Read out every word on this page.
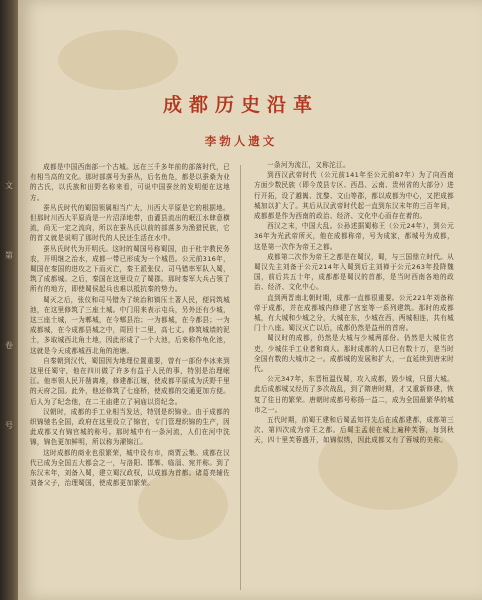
文
第
卷
号
成都历史沿革
李勃人遗文

成都是中国西南部一个古城。远在三千多年前的部落时代，已有相当高的文化。那时部落号为蚕丛，后名鱼凫，都是以蚕桑为业的古氏，以氏族和田野名称来看，可说中国蚕丝的发明便在这地方。

蚕丛氏时代的蜀国领属相当广大，川西大平原是它的根据地。但那时川西大平原尚是一片沼泽地带，由灌县流出的岷江水肆意横流，尚无一定之流向，所以在蚕丛氏以前的部落多为渔猎民族，它的首又就是说明了那时代的人民还生活在水中。

蚕丛氏时代为开明氏。这时的蜀国号称蜀国，由于杜宇教民务农，开明继之治水，成都一带已形成为一个城邑。公元前316年，蜀国在秦国的进攻之下而灭亡，秦王派张仪、司马错率军队入蜀，筑了成都城。之后，秦国在这里设立了蜀郡。那时秦军大兵占领了所有的地方，即使蜀侯起兵也难以抵抗秦的势力。

蜀灭之后，张仪和司马错为了统治和镇压土著人民，便同筑城池，在这里修筑了三座土城。中门用来表示屯兵，另外还有少城，这三座土城，一为郫城，在今郫县治；一为都城，在今都县；一为成都城，在今成都县城之中，周回十二里，高七丈。修筑城墙的泥土，多取城西北角土地，因此形成了一个大池，后来称作龟化池，这就是今天成都城西北角的池塘。

自秦朝到汉代，蜀国因为地理位置重要，曾有一部份李冰来到这里任蜀守，他在四川做了许多有益于人民的事，特别是治理岷江。他率领人民开凿离堆，修建都江堰，使成都平原成为沃野千里的天府之国。此外，他还修筑了七座桥，使成都的交通更加方便。后人为了纪念他，在二王庙建立了祠庙以资纪念。

汉朝时，成都的手工业相当发达，特别是织锦业。由于成都的织锦驰名全国，政府在这里设立了锦官，专门管理织锦的生产，因此成都又有锦官城的称号。那时城中有一条河流，人们在河中洗锦，锦色更加鲜明，所以称为濯锦江。

这时成都的商业也很繁荣，城中设有市，商贾云集。成都在汉代已成为全国五大都会之一，与洛阳、邯郸、临淄、宛并称。到了东汉末年，刘备入蜀，建立蜀汉政权，以成都为首都。诸葛亮辅佐刘备父子，治理蜀国，使成都更加繁荣。

一条河为流江，又称沱江。

到西汉武帝时代（公元前141年至公元前87年）为了向西南方面少数民族（即今茂县专区、西昌、云南、贵州省的大部分）进行开拓，设了越嶲、沈黎、文山等郡，都以成都为中心，又把成都城加以扩大了。其后从汉武帝时代起一直到东汉末年的三百年间，成都都是作为西南的政治、经济、文化中心而存在着的。

西汉之末，中国大乱。公孙述据蜀称王（公元24年），到公元36年为光武帝所灭，他在成都称帝，号为成家，都城号为成都，这是第一次作为帝王之都。

成都第二次作为帝王之都是在蜀汉，蜀，与三国鼎立时代。从蜀汉先主刘备于公元214年入蜀到后主刘禅于公元263年投降魏国，前后共五十年，成都都是蜀汉的首都，是当时西南各地的政治、经济、文化中心。

直到两晋南北朝时期，成都一直都很重要。公元221年刘备称帝于成都，并在成都城内修建了宫室等一系列建筑。那时的成都城，有大城和少城之分，大城在东，少城在西，两城相连，共有城门十八座。蜀汉灭亡以后，成都仍然是益州的首府。

蜀汉时的成都，仍然是大城与少城两部份。仍然是大城住官吏，少城住手工业者和商人。那时成都的人口已有数十万，是当时全国有数的大城市之一。成都城的发展和扩大，一直延续到唐宋时代。

公元347年，东晋桓温伐蜀，攻入成都，毁少城，只留大城。此后成都城又经历了多次战乱，到了隋唐时期，才又重新修建，恢复了往日的繁荣。唐朝时成都号称扬一益二，成为全国最繁华的城市之一。

五代时期，前蜀王建和后蜀孟知祥先后在成都建都，成都第三次、第四次成为帝王之都。后蜀主孟昶在城上遍种芙蓉，每到秋天，四十里芙蓉盛开，如锦似绣，因此成都又有了蓉城的美称。
